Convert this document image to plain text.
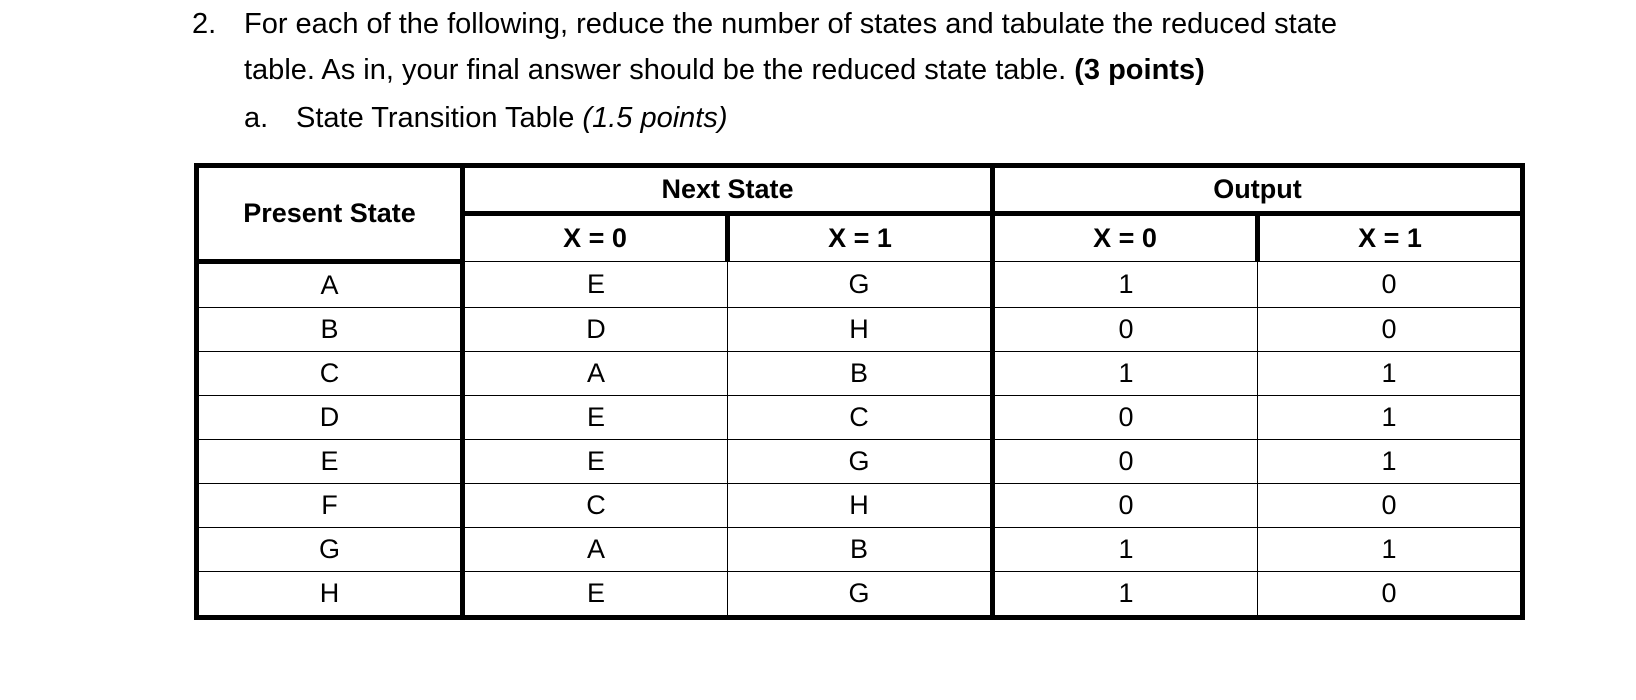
2. For each of the following, reduce the number of states and tabulate the reduced state
table. As in, your final answer should be the reduced state table. (3 points)
a. State Transition Table (1.5 points)
Present State	Next State		Output	
	X = 0	X = 1	X = 0	X = 1
A	E	G	1	0
B	D	H	0	0
C	A	B	1	1
D	E	C	0	1
E	E	G	0	1
F	C	H	0	0
G	A	B	1	1
H	E	G	1	0
